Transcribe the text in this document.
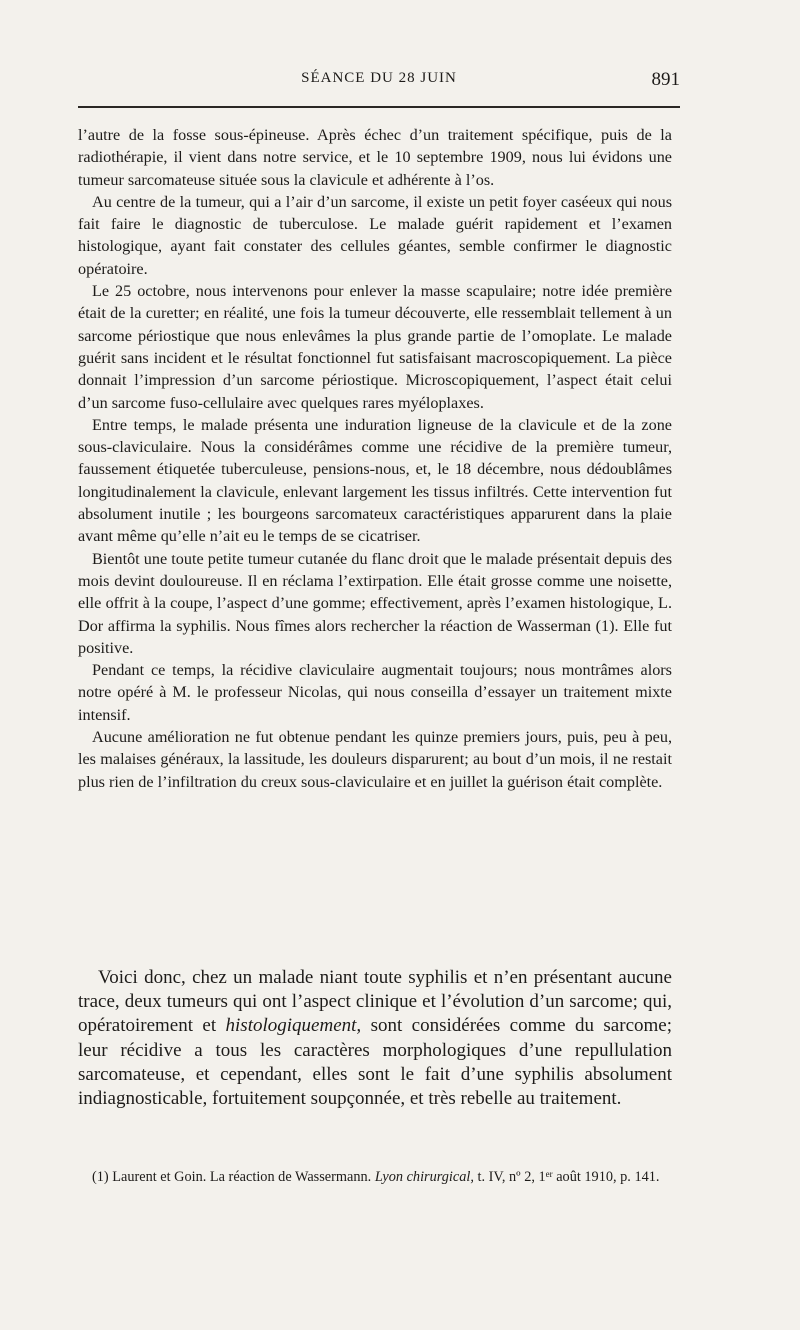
SÉANCE DU 28 JUIN	891

l’autre de la fosse sous-épineuse. Après échec d’un traitement spécifique, puis de la radiothérapie, il vient dans notre service, et le 10 septembre 1909, nous lui évidons une tumeur sarcomateuse située sous la clavicule et adhérente à l’os.

Au centre de la tumeur, qui a l’air d’un sarcome, il existe un petit foyer caséeux qui nous fait faire le diagnostic de tuberculose. Le malade guérit rapidement et l’examen histologique, ayant fait constater des cellules géantes, semble confirmer le diagnostic opératoire.

Le 25 octobre, nous intervenons pour enlever la masse scapulaire; notre idée première était de la curetter; en réalité, une fois la tumeur découverte, elle ressemblait tellement à un sarcome périostique que nous enlevâmes la plus grande partie de l’omoplate. Le malade guérit sans incident et le résultat fonctionnel fut satisfaisant macroscopiquement. La pièce donnait l’impression d’un sarcome périostique. Microscopiquement, l’aspect était celui d’un sarcome fuso-cellulaire avec quelques rares myéloplaxes.

Entre temps, le malade présenta une induration ligneuse de la clavicule et de la zone sous-claviculaire. Nous la considérâmes comme une récidive de la première tumeur, faussement étiquetée tuberculeuse, pensions-nous, et, le 18 décembre, nous dédoublâmes longitudinalement la clavicule, enlevant largement les tissus infiltrés. Cette intervention fut absolument inutile ; les bourgeons sarcomateux caractéristiques apparurent dans la plaie avant même qu’elle n’ait eu le temps de se cicatriser.

Bientôt une toute petite tumeur cutanée du flanc droit que le malade présentait depuis des mois devint douloureuse. Il en réclama l’extirpation. Elle était grosse comme une noisette, elle offrit à la coupe, l’aspect d’une gomme; effectivement, après l’examen histologique, L. Dor affirma la syphilis. Nous fîmes alors rechercher la réaction de Wasserman (1). Elle fut positive.

Pendant ce temps, la récidive claviculaire augmentait toujours; nous montrâmes alors notre opéré à M. le professeur Nicolas, qui nous conseilla d’essayer un traitement mixte intensif.

Aucune amélioration ne fut obtenue pendant les quinze premiers jours, puis, peu à peu, les malaises généraux, la lassitude, les douleurs disparurent; au bout d’un mois, il ne restait plus rien de l’infiltration du creux sous-claviculaire et en juillet la guérison était complète.

Voici donc, chez un malade niant toute syphilis et n’en présentant aucune trace, deux tumeurs qui ont l’aspect clinique et l’évolution d’un sarcome; qui, opératoirement et histologiquement, sont considérées comme du sarcome; leur récidive a tous les caractères morphologiques d’une repullulation sarcomateuse, et cependant, elles sont le fait d’une syphilis absolument indiagnosticable, fortuitement soupçonnée, et très rebelle au traitement.

(1) Laurent et Goin. La réaction de Wassermann. Lyon chirurgical, t. IV, nº 2, 1er août 1910, p. 141.
